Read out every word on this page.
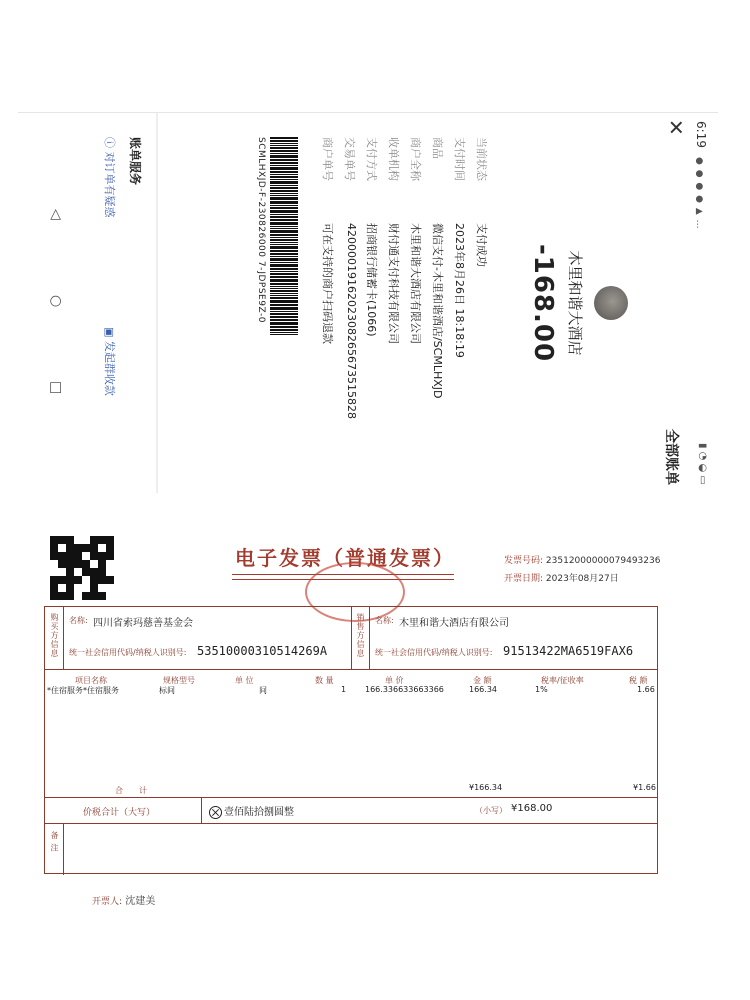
6:19
● ● ● ● ▲ …
▮ ◔ ◒ ▭
✕
全部账单
木里和谐大酒店
-168.00
当前状态
支付成功
支付时间
2023年8月26日 18:18:19
商品
微信支付-木里和谐酒店/SCMLHXJD
商户全称
木里和谐大酒店有限公司
收单机构
财付通支付科技有限公司
支付方式
招商银行储蓄卡(1066)
交易单号
4200001916202308265673515828
商户单号
可在支持的商户扫码退款
SCMLHXJD-F-230826000 7-JDPSE9Z-0
账单服务
ⓘ 对订单有疑惑
▣ 发起群收款
◁
○
□
电子发票（普通发票）	发票号码: 23512000000079493236
开票日期: 2023年08月27日
购买方信息	销售方信息
名称: 四川省索玛慈善基金会
统一社会信用代码/纳税人识别号: 53510000310514269A
名称: 木里和谐大酒店有限公司
统一社会信用代码/纳税人识别号: 91513422MA6519FAX6
项目名称	规格型号	单 位	数 量	单 价	金 额	税率/征收率	税 额
*住宿服务*住宿服务	标间	间	1 166.336633663366	166.34	1%	1.66
合　　计	¥166.34	¥1.66
价税合计（大写）	壹佰陆拾捌圆整	（小写） ¥168.00
备 注
开票人: 沈建美
